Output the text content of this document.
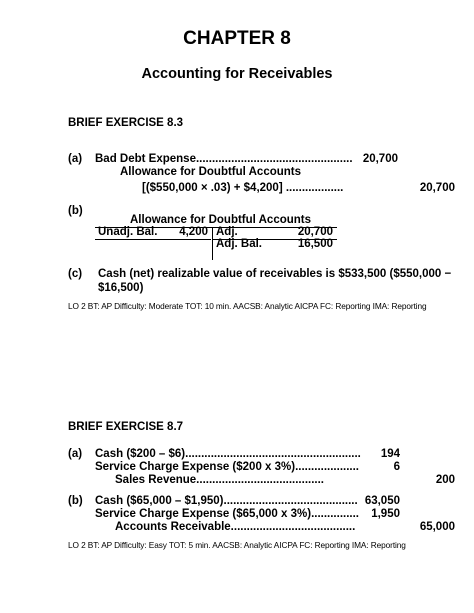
CHAPTER 8
Accounting for Receivables
BRIEF EXERCISE 8.3
(a) Bad Debt Expense................................................. 20,700
Allowance for Doubtful Accounts
[($550,000 × .03) + $4,200] ..................	20,700
(b)
Allowance for Doubtful Accounts
Unadj. Bal.	4,200 Adj.	20,700
Adj. Bal.	16,500
(c) Cash (net) realizable value of receivables is $533,500 ($550,000 −
$16,500)
LO 2 BT: AP Difficulty: Moderate TOT: 10 min. AACSB: Analytic AICPA FC: Reporting IMA: Reporting
BRIEF EXERCISE 8.7
(a) Cash ($200 – $6).......................................................	194
Service Charge Expense ($200 x 3%)....................	6
Sales Revenue........................................	200
(b) Cash ($65,000 – $1,950).......................................... 63,050
Service Charge Expense ($65,000 x 3%)...............	1,950
Accounts Receivable.......................................	65,000
LO 2 BT: AP Difficulty: Easy TOT: 5 min. AACSB: Analytic AICPA FC: Reporting IMA: Reporting
